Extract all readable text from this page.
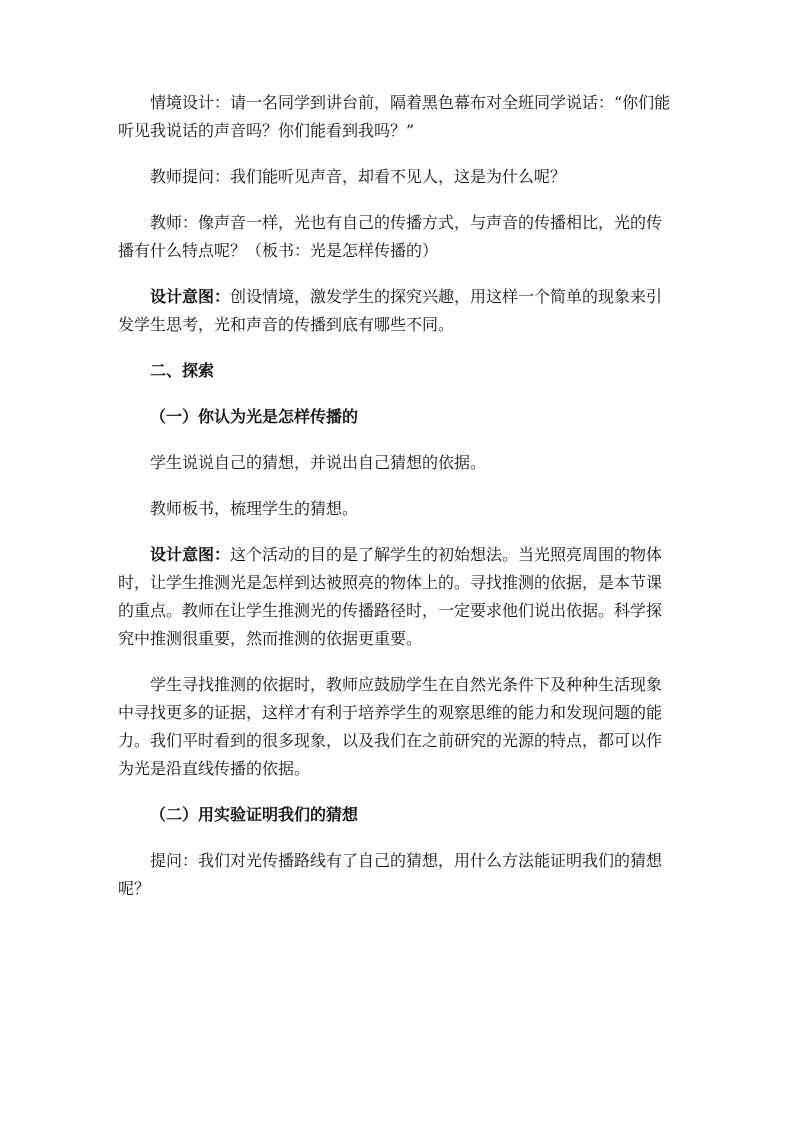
情境设计：请一名同学到讲台前，隔着黑色幕布对全班同学说话：“你们能听见我说话的声音吗？你们能看到我吗？”

教师提问：我们能听见声音，却看不见人，这是为什么呢？

教师：像声音一样，光也有自己的传播方式，与声音的传播相比，光的传播有什么特点呢？（板书：光是怎样传播的）

设计意图：创设情境，激发学生的探究兴趣，用这样一个简单的现象来引发学生思考，光和声音的传播到底有哪些不同。

二、探索

（一）你认为光是怎样传播的

学生说说自己的猜想，并说出自己猜想的依据。

教师板书，梳理学生的猜想。

设计意图：这个活动的目的是了解学生的初始想法。当光照亮周围的物体时，让学生推测光是怎样到达被照亮的物体上的。寻找推测的依据，是本节课的重点。教师在让学生推测光的传播路径时，一定要求他们说出依据。科学探究中推测很重要，然而推测的依据更重要。

学生寻找推测的依据时，教师应鼓励学生在自然光条件下及种种生活现象中寻找更多的证据，这样才有利于培养学生的观察思维的能力和发现问题的能力。我们平时看到的很多现象，以及我们在之前研究的光源的特点，都可以作为光是沿直线传播的依据。

（二）用实验证明我们的猜想

提问：我们对光传播路线有了自己的猜想，用什么方法能证明我们的猜想呢？
